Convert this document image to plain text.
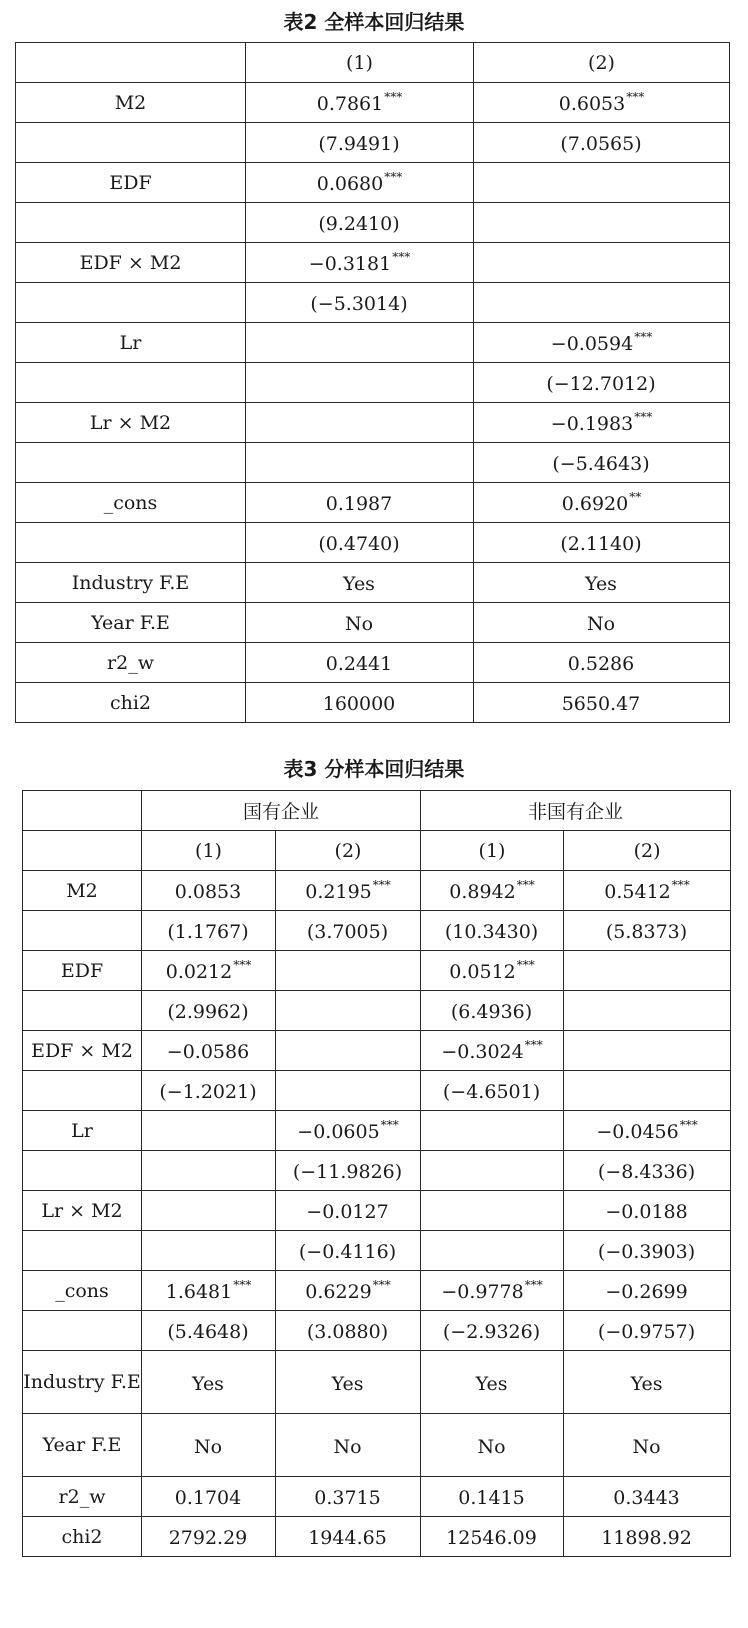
表2 全样本回归结果
	(1)	(2)
M2	0.7861***	0.6053***
	(7.9491)	(7.0565)
EDF	0.0680***	
	(9.2410)	
EDF × M2	−0.3181***	
	(−5.3014)	
Lr		−0.0594***
		(−12.7012)
Lr × M2		−0.1983***
		(−5.4643)
_cons	0.1987	0.6920**
	(0.4740)	(2.1140)
Industry F.E	Yes	Yes
Year F.E	No	No
r2_w	0.2441	0.5286
chi2	160000	5650.47
表3 分样本回归结果
	国有企业		非国有企业	
	(1)	(2)	(1)	(2)
M2	0.0853	0.2195***	0.8942***	0.5412***
	(1.1767)	(3.7005)	(10.3430)	(5.8373)
EDF	0.0212***		0.0512***	
	(2.9962)		(6.4936)	
EDF × M2	−0.0586		−0.3024***	
	(−1.2021)		(−4.6501)	
Lr		−0.0605***		−0.0456***
		(−11.9826)		(−8.4336)
Lr × M2		−0.0127		−0.0188
		(−0.4116)		(−0.3903)
_cons	1.6481***	0.6229***	−0.9778***	−0.2699
	(5.4648)	(3.0880)	(−2.9326)	(−0.9757)
Industry F.E	Yes	Yes	Yes	Yes
Year F.E	No	No	No	No
r2_w	0.1704	0.3715	0.1415	0.3443
chi2	2792.29	1944.65	12546.09	11898.92
